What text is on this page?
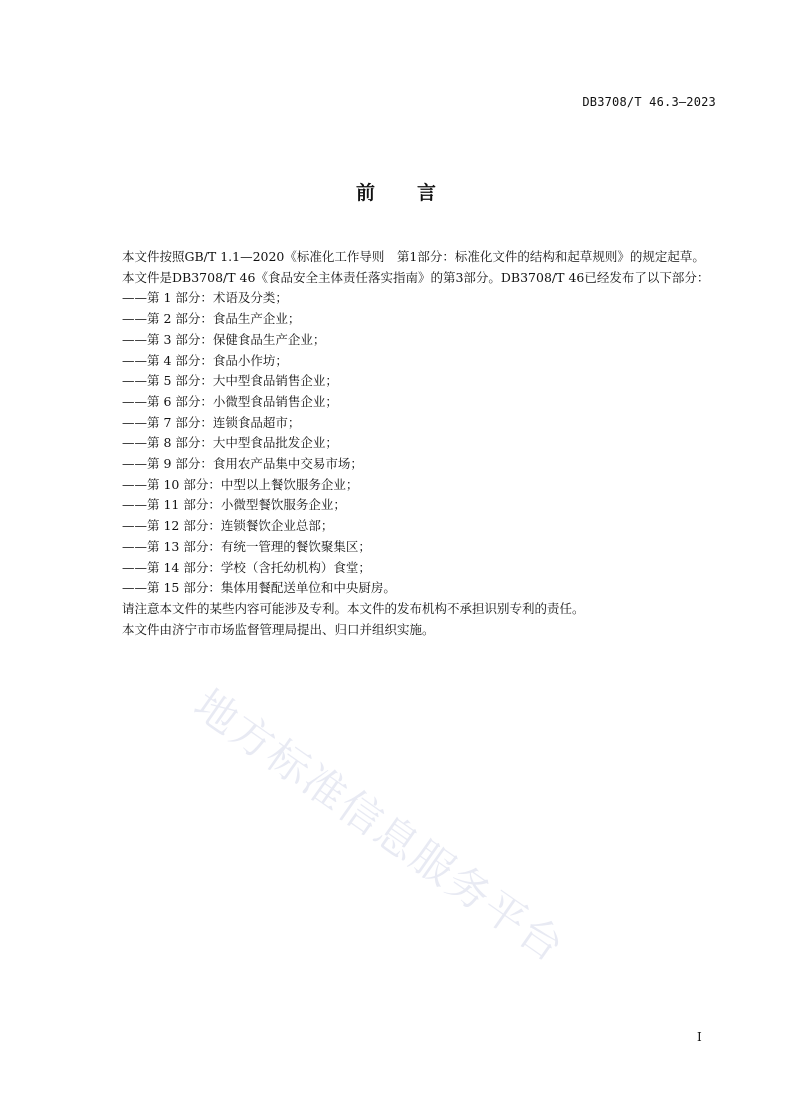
DB3708/T 46.3—2023
前言
本文件按照GB/T 1.1—2020《标准化工作导则　第1部分：标准化文件的结构和起草规则》的规定起草。
本文件是DB3708/T 46《食品安全主体责任落实指南》的第3部分。DB3708/T 46已经发布了以下部分：
——第 1 部分：术语及分类；
——第 2 部分：食品生产企业；
——第 3 部分：保健食品生产企业；
——第 4 部分：食品小作坊；
——第 5 部分：大中型食品销售企业；
——第 6 部分：小微型食品销售企业；
——第 7 部分：连锁食品超市；
——第 8 部分：大中型食品批发企业；
——第 9 部分：食用农产品集中交易市场；
——第 10 部分：中型以上餐饮服务企业；
——第 11 部分：小微型餐饮服务企业；
——第 12 部分：连锁餐饮企业总部；
——第 13 部分：有统一管理的餐饮聚集区；
——第 14 部分：学校（含托幼机构）食堂；
——第 15 部分：集体用餐配送单位和中央厨房。
请注意本文件的某些内容可能涉及专利。本文件的发布机构不承担识别专利的责任。
本文件由济宁市市场监督管理局提出、归口并组织实施。
地方标准信息服务平台
I
